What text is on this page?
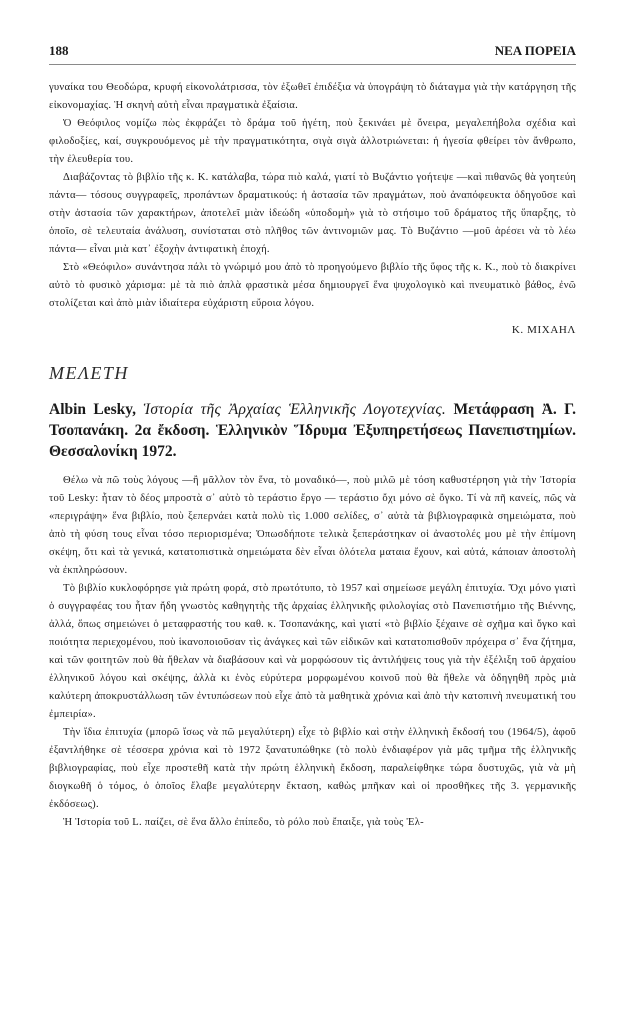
188	ΝΕΑ ΠΟΡΕΙΑ

γυναίκα του Θεοδώρα, κρυφή εἰκονολάτρισσα, τὸν ἐξωθεῖ ἐπιδέξια νὰ ὑπογράψη τὸ διάταγμα γιὰ τὴν κατάργηση τῆς εἰκονομαχίας. Ἡ σκηνὴ αὐτὴ εἶναι πραγματικὰ ἐξαίσια.

Ὁ Θεόφιλος νομίζω πὼς ἐκφράζει τὸ δράμα τοῦ ἡγέτη, ποὺ ξεκινάει μὲ ὄνειρα, μεγαλεπήβολα σχέδια καὶ φιλοδοξίες, καί, συγκρουόμενος μὲ τὴν πραγματικότητα, σιγὰ σιγὰ ἀλλοτριώνεται: ἡ ἡγεσία φθείρει τὸν ἄνθρωπο, τὴν ἐλευθερία του.

Διαβάζοντας τὸ βιβλίο τῆς κ. Κ. κατάλαβα, τώρα πιὸ καλά, γιατί τὸ Βυζάντιο γοήτεψε —καὶ πιθανῶς θὰ γοητεύη πάντα— τόσους συγγραφεῖς, προπάντων δραματικούς: ἡ ἀστασία τῶν πραγμάτων, ποὺ ἀναπόφευκτα ὁδηγοῦσε καὶ στὴν ἀστασία τῶν χαρακτήρων, ἀποτελεῖ μιὰν ἰδεώδη «ὑποδομὴ» γιὰ τὸ στήσιμο τοῦ δράματος τῆς ὕπαρξης, τὸ ὁποῖο, σὲ τελευταία ἀνάλυση, συνίσταται στὸ πλῆθος τῶν ἀντινομιῶν μας. Τὸ Βυζάντιο —μοῦ ἀρέσει νὰ τὸ λέω πάντα— εἶναι μιὰ κατ᾽ ἐξοχὴν ἀντιφατικὴ ἐποχή.

Στὸ «Θεόφιλο» συνάντησα πάλι τὸ γνώριμό μου ἀπὸ τὸ προηγούμενο βιβλίο τῆς ὕφος τῆς κ. Κ., ποὺ τὸ διακρίνει αὐτὸ τὸ φυσικὸ χάρισμα: μὲ τὰ πιὸ ἁπλὰ φραστικὰ μέσα δημιουργεῖ ἕνα ψυχολογικὸ καὶ πνευματικὸ βάθος, ἐνῶ στολίζεται καὶ ἀπὸ μιὰν ἰδιαίτερα εὐχάριστη εὔροια λόγου.

Κ. ΜΙΧΑΗΛ
ΜΕΛΕΤΗ
Albin Lesky, Ἱστορία τῆς Ἀρχαίας Ἑλληνικῆς Λογοτεχνίας. Μετάφραση Ἀ. Γ. Τσοπανάκη. 2α ἔκδοση. Ἑλληνικὸν Ἵδρυμα Ἐξυπηρετήσεως Πανεπιστημίων. Θεσσαλονίκη 1972.

Θέλω νὰ πῶ τοὺς λόγους —ἢ μᾶλλον τὸν ἕνα, τὸ μοναδικό—, ποὺ μιλῶ μὲ τόση καθυστέρηση γιὰ τὴν Ἱστορία τοῦ Lesky: ἦταν τὸ δέος μπροστὰ σ᾽ αὐτὸ τὸ τεράστιο ἔργο — τεράστιο ὄχι μόνο σὲ ὄγκο. Τί νὰ πῆ κανείς, πῶς νὰ «περιγράψη» ἕνα βιβλίο, ποὺ ξεπερνάει κατὰ πολὺ τὶς 1.000 σελίδες, σ᾽ αὐτὰ τὰ βιβλιογραφικὰ σημειώματα, ποὺ ἀπὸ τὴ φύση τους εἶναι τόσο περιορισμένα; Ὁπωσδήποτε τελικὰ ξεπεράστηκαν οἱ ἀναστολές μου μὲ τὴν ἐπίμονη σκέψη, ὅτι καὶ τὰ γενικά, κατατοπιστικὰ σημειώματα δὲν εἶναι ὁλότελα ματαια ἔχουν, καὶ αὐτά, κάποιαν ἀποστολὴ νὰ ἐκπληρώσουν.

Τὸ βιβλίο κυκλοφόρησε γιὰ πρώτη φορά, στὸ πρωτότυπο, τὸ 1957 καὶ σημείωσε μεγάλη ἐπιτυχία. Ὄχι μόνο γιατὶ ὁ συγγραφέας του ἦταν ἤδη γνωστὸς καθηγητὴς τῆς ἀρχαίας ἑλληνικῆς φιλολογίας στὸ Πανεπιστήμιο τῆς Βιέννης, ἀλλά, ὅπως σημειώνει ὁ μεταφραστής του καθ. κ. Τσοπανάκης, καὶ γιατί «τὸ βιβλίο ξέχαινε σὲ σχῆμα καὶ ὄγκο καὶ ποιότητα περιεχομένου, ποὺ ἱκανοποιοῦσαν τὶς ἀνάγκες καὶ τῶν εἰδικῶν καὶ κατατοπισθοῦν πρόχειρα σ᾽ ἕνα ζήτημα, καὶ τῶν φοιτητῶν ποὺ θὰ ἤθελαν νὰ διαβάσουν καὶ νὰ μορφώσουν τὶς ἀντιλήψεις τους γιὰ τὴν ἐξέλιξη τοῦ ἀρχαίου ἑλληνικοῦ λόγου καὶ σκέψης, ἀλλὰ κι ἑνὸς εὐρύτερα μορφωμένου κοινοῦ ποὺ θὰ ἤθελε νὰ ὁδηγηθῆ πρὸς μιὰ καλύτερη ἀποκρυστάλλωση τῶν ἐντυπώσεων ποὺ εἶχε ἀπὸ τὰ μαθητικὰ χρόνια καὶ ἀπὸ τὴν κατοπινὴ πνευματική του ἐμπειρία».

Τὴν ἴδια ἐπιτυχία (μπορῶ ἴσως νὰ πῶ μεγαλύτερη) εἶχε τὸ βιβλίο καὶ στὴν ἑλληνικὴ ἔκδοσή του (1964/5), ἀφοῦ ἐξαντλήθηκε σὲ τέσσερα χρόνια καὶ τὸ 1972 ξανατυπώθηκε (τὸ πολὺ ἐνδιαφέρον γιὰ μᾶς τμῆμα τῆς ἑλληνικῆς βιβλιογραφίας, ποὺ εἶχε προστεθῆ κατὰ τὴν πρώτη ἑλληνικὴ ἔκδοση, παραλείφθηκε τώρα δυστυχῶς, γιὰ νὰ μὴ διογκωθῆ ὁ τόμος, ὁ ὁποῖος ἔλαβε μεγαλύτερην ἔκταση, καθὼς μπῆκαν καὶ οἱ προσθῆκες τῆς 3. γερμανικῆς ἐκδόσεως).

Ἡ Ἱστορία τοῦ L. παίζει, σὲ ἕνα ἄλλο ἐπίπεδο, τὸ ρόλο ποὺ ἔπαιξε, γιὰ τοὺς Ἐλ-
